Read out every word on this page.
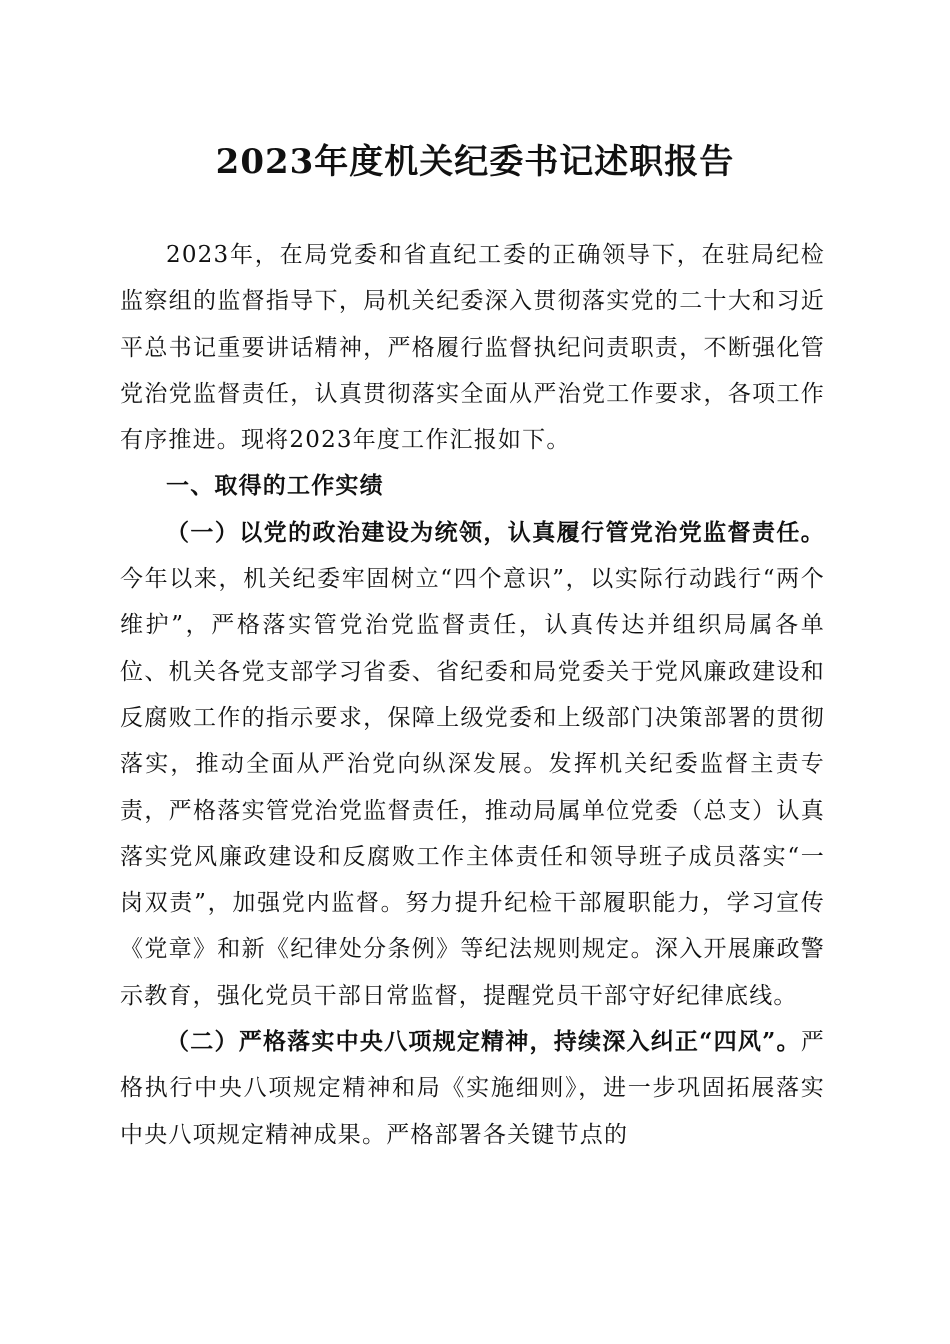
2023年度机关纪委书记述职报告

2023年，在局党委和省直纪工委的正确领导下，在驻局纪检监察组的监督指导下，局机关纪委深入贯彻落实党的二十大和习近平总书记重要讲话精神，严格履行监督执纪问责职责，不断强化管党治党监督责任，认真贯彻落实全面从严治党工作要求，各项工作有序推进。现将2023年度工作汇报如下。

一、取得的工作实绩

（一）以党的政治建设为统领，认真履行管党治党监督责任。今年以来，机关纪委牢固树立“四个意识”，以实际行动践行“两个维护”，严格落实管党治党监督责任，认真传达并组织局属各单位、机关各党支部学习省委、省纪委和局党委关于党风廉政建设和反腐败工作的指示要求，保障上级党委和上级部门决策部署的贯彻落实，推动全面从严治党向纵深发展。发挥机关纪委监督主责专责，严格落实管党治党监督责任，推动局属单位党委（总支）认真落实党风廉政建设和反腐败工作主体责任和领导班子成员落实“一岗双责”，加强党内监督。努力提升纪检干部履职能力，学习宣传《党章》和新《纪律处分条例》等纪法规则规定。深入开展廉政警示教育，强化党员干部日常监督，提醒党员干部守好纪律底线。

（二）严格落实中央八项规定精神，持续深入纠正“四风”。严格执行中央八项规定精神和局《实施细则》，进一步巩固拓展落实中央八项规定精神成果。严格部署各关键节点的
